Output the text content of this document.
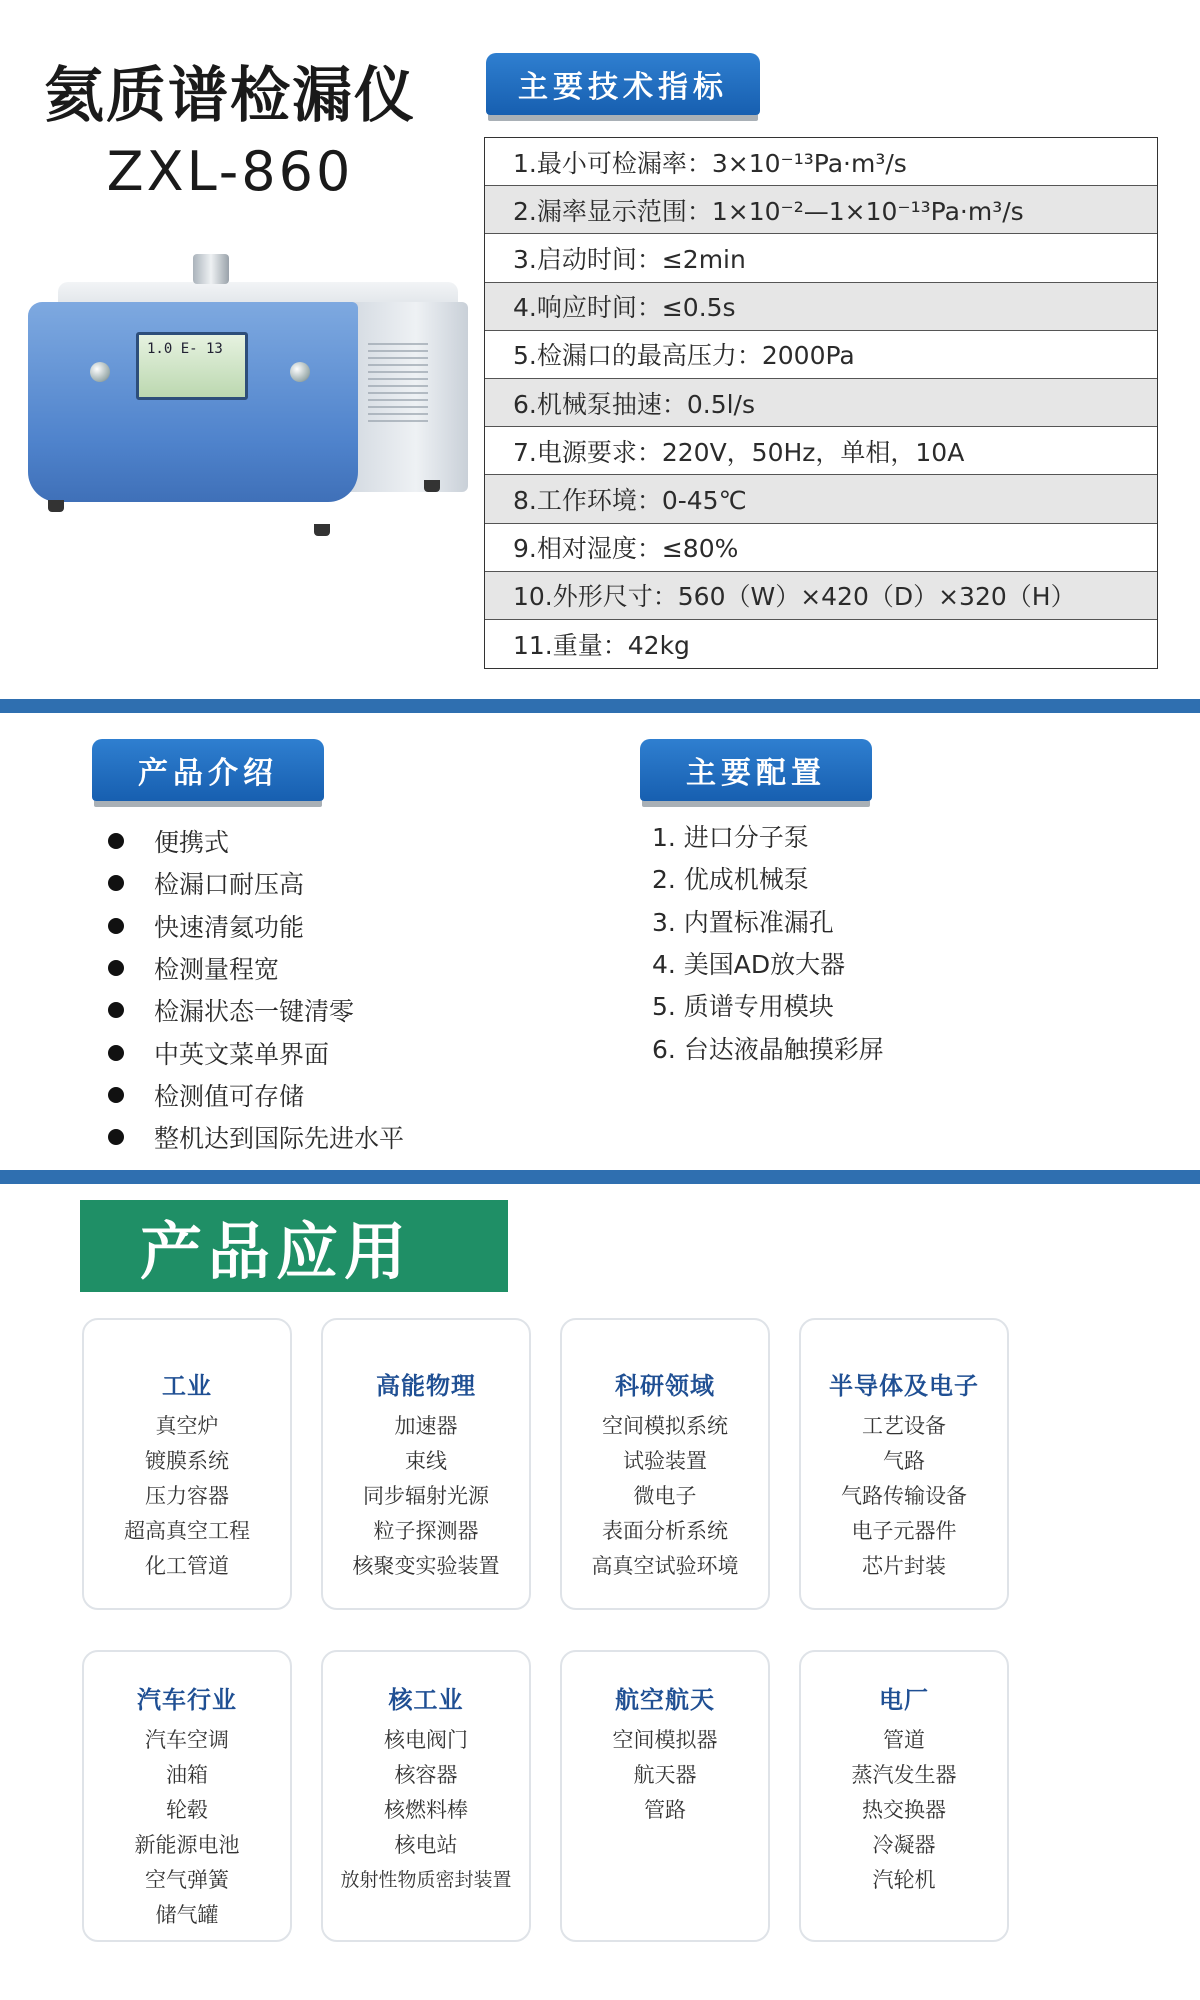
氦质谱检漏仪
ZXL-860
1.0 E- 13
主要技术指标
1.最小可检漏率：3×10⁻¹³Pa·m³/s
2.漏率显示范围：1×10⁻²—1×10⁻¹³Pa·m³/s
3.启动时间：≤2min
4.响应时间：≤0.5s
5.检漏口的最高压力：2000Pa
6.机械泵抽速：0.5l/s
7.电源要求：220V，50Hz，单相，10A
8.工作环境：0-45℃
9.相对湿度：≤80%
10.外形尺寸：560（W）×420（D）×320（H）
11.重量：42kg
产品介绍	主要配置
便携式
检漏口耐压高
快速清氦功能
检测量程宽
检漏状态一键清零
中英文菜单界面
检测值可存储
整机达到国际先进水平
1. 进口分子泵
2. 优成机械泵
3. 内置标准漏孔
4. 美国AD放大器
5. 质谱专用模块
6. 台达液晶触摸彩屏
产品应用
工业
真空炉
镀膜系统
压力容器
超高真空工程
化工管道
高能物理
加速器
束线
同步辐射光源
粒子探测器
核聚变实验装置
科研领域
空间模拟系统
试验装置
微电子
表面分析系统
高真空试验环境
半导体及电子
工艺设备
气路
气路传输设备
电子元器件
芯片封装
汽车行业
汽车空调
油箱
轮毂
新能源电池
空气弹簧
储气罐
核工业
核电阀门
核容器
核燃料棒
核电站
放射性物质密封装置
航空航天
空间模拟器
航天器
管路
电厂
管道
蒸汽发生器
热交换器
冷凝器
汽轮机
